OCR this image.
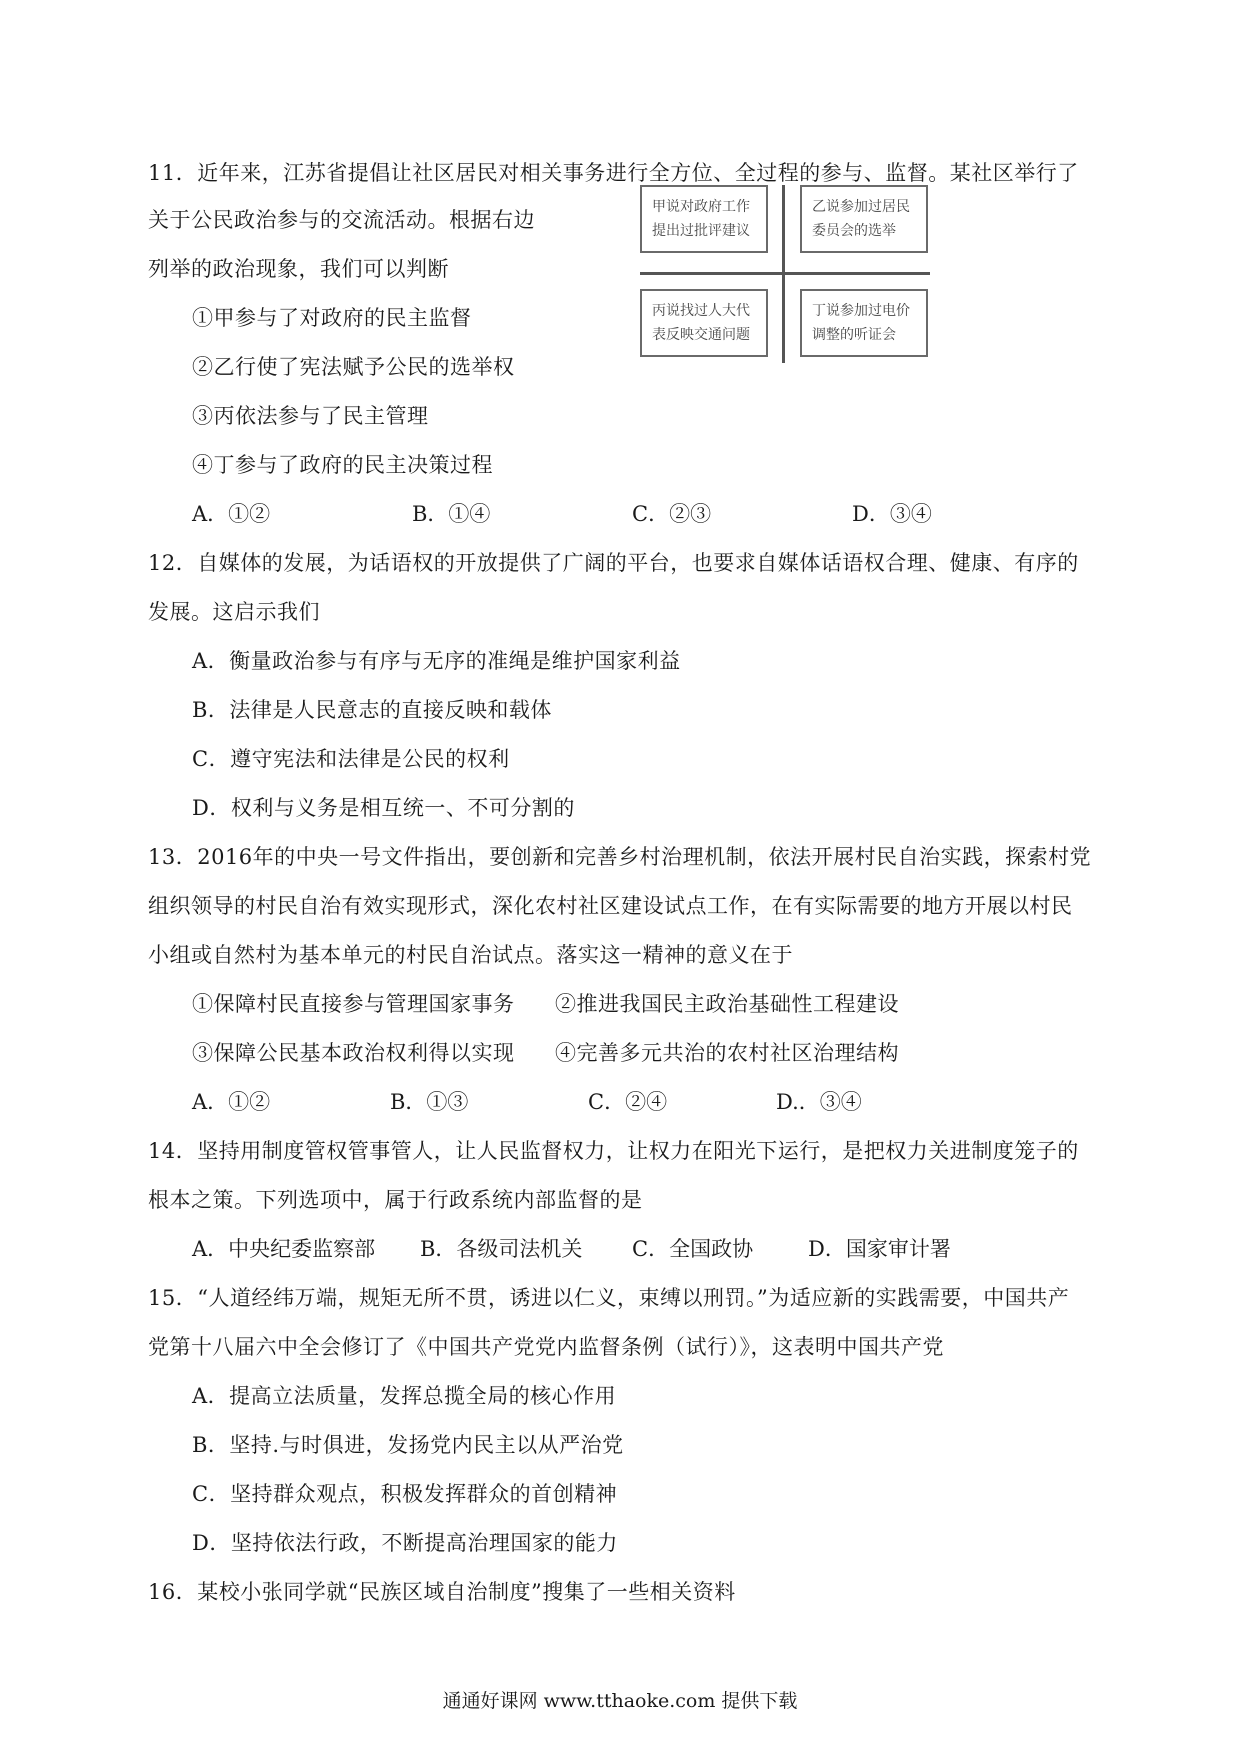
11．近年来，江苏省提倡让社区居民对相关事务进行全方位、全过程的参与、监督。某社区举行了
关于公民政治参与的交流活动。根据右边
列举的政治现象，我们可以判断
甲说对政府工作
提出过批评建议
乙说参加过居民
委员会的选举
丙说找过人大代
表反映交通问题
丁说参加过电价
调整的听证会
①甲参与了对政府的民主监督
②乙行使了宪法赋予公民的选举权
③丙依法参与了民主管理
④丁参与了政府的民主决策过程
A．①②	B．①④	C．②③	D．③④
12．自媒体的发展，为话语权的开放提供了广阔的平台，也要求自媒体话语权合理、健康、有序的
发展。这启示我们
A．衡量政治参与有序与无序的准绳是维护国家利益
B．法律是人民意志的直接反映和载体
C．遵守宪法和法律是公民的权利
D．权利与义务是相互统一、不可分割的
13．2016年的中央一号文件指出，要创新和完善乡村治理机制，依法开展村民自治实践，探索村党
组织领导的村民自治有效实现形式，深化农村社区建设试点工作，在有实际需要的地方开展以村民
小组或自然村为基本单元的村民自治试点。落实这一精神的意义在于
①保障村民直接参与管理国家事务 ②推进我国民主政治基础性工程建设
③保障公民基本政治权利得以实现 ④完善多元共治的农村社区治理结构
A．①②	B．①③	C．②④	D.．③④
14．坚持用制度管权管事管人，让人民监督权力，让权力在阳光下运行，是把权力关进制度笼子的
根本之策。下列选项中，属于行政系统内部监督的是
A．中央纪委监察部 B．各级司法机关 C．全国政协	D．国家审计署
15．“人道经纬万端，规矩无所不贯，诱进以仁义，束缚以刑罚。”为适应新的实践需要，中国共产
党第十八届六中全会修订了《中国共产党党内监督条例（试行）》，这表明中国共产党
A．提高立法质量，发挥总揽全局的核心作用
B．坚持.与时俱进，发扬党内民主以从严治党
C．坚持群众观点，积极发挥群众的首创精神
D．坚持依法行政，不断提高治理国家的能力
16．某校小张同学就“民族区域自治制度”搜集了一些相关资料
通通好课网 www.tthaoke.com 提供下载
